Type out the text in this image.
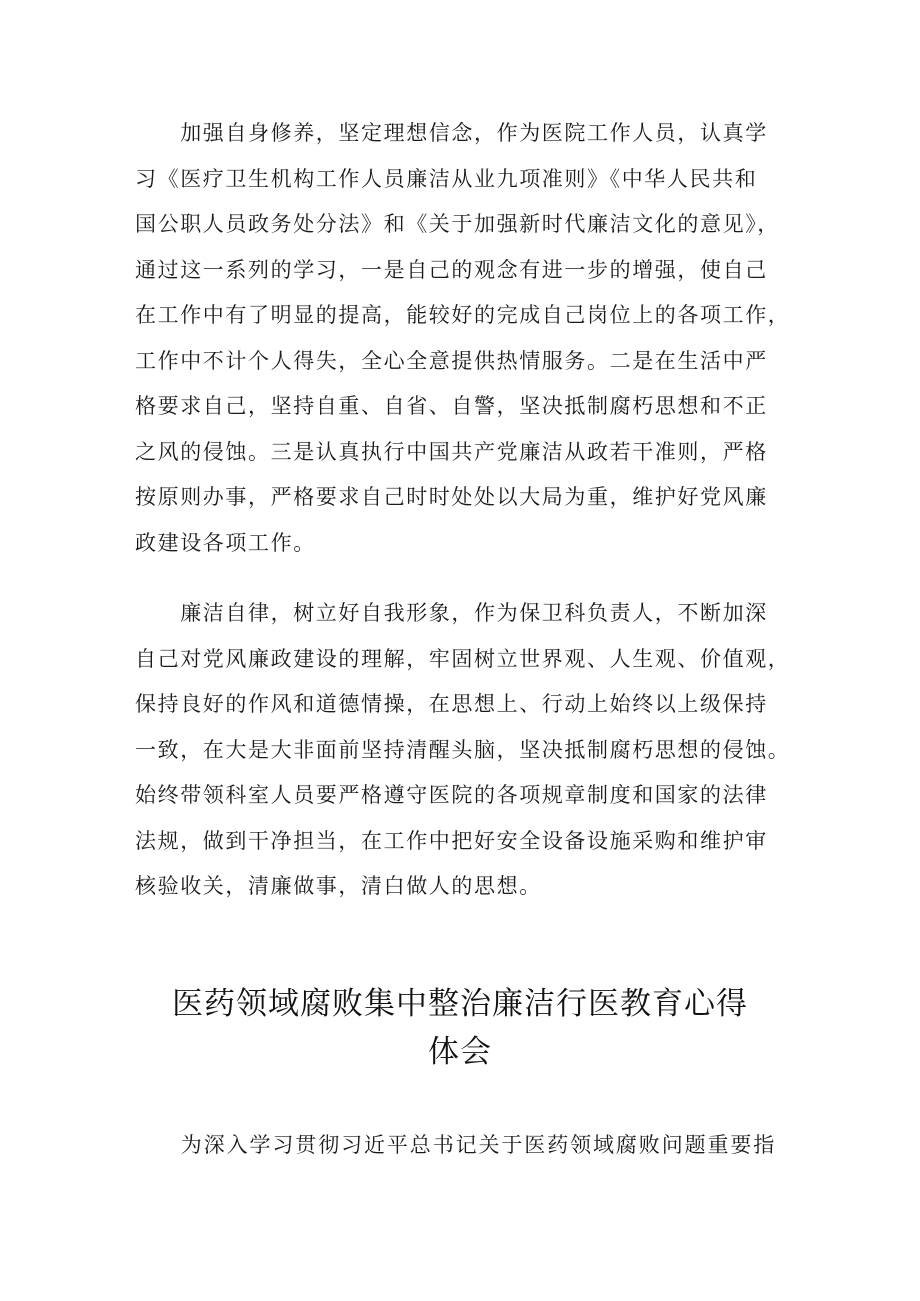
　　加强自身修养，坚定理想信念，作为医院工作人员，认真学
习《医疗卫生机构工作人员廉洁从业九项准则》《中华人民共和
国公职人员政务处分法》和《关于加强新时代廉洁文化的意见》，
通过这一系列的学习，一是自己的观念有进一步的增强，使自己
在工作中有了明显的提高，能较好的完成自己岗位上的各项工作，
工作中不计个人得失，全心全意提供热情服务。二是在生活中严
格要求自己，坚持自重、自省、自警，坚决抵制腐朽思想和不正
之风的侵蚀。三是认真执行中国共产党廉洁从政若干准则，严格
按原则办事，严格要求自己时时处处以大局为重，维护好党风廉
政建设各项工作。
　　廉洁自律，树立好自我形象，作为保卫科负责人，不断加深
自己对党风廉政建设的理解，牢固树立世界观、人生观、价值观，
保持良好的作风和道德情操，在思想上、行动上始终以上级保持
一致，在大是大非面前坚持清醒头脑，坚决抵制腐朽思想的侵蚀。
始终带领科室人员要严格遵守医院的各项规章制度和国家的法律
法规，做到干净担当，在工作中把好安全设备设施采购和维护审
核验收关，清廉做事，清白做人的思想。
医药领域腐败集中整治廉洁行医教育心得
体会
　　为深入学习贯彻习近平总书记关于医药领域腐败问题重要指
